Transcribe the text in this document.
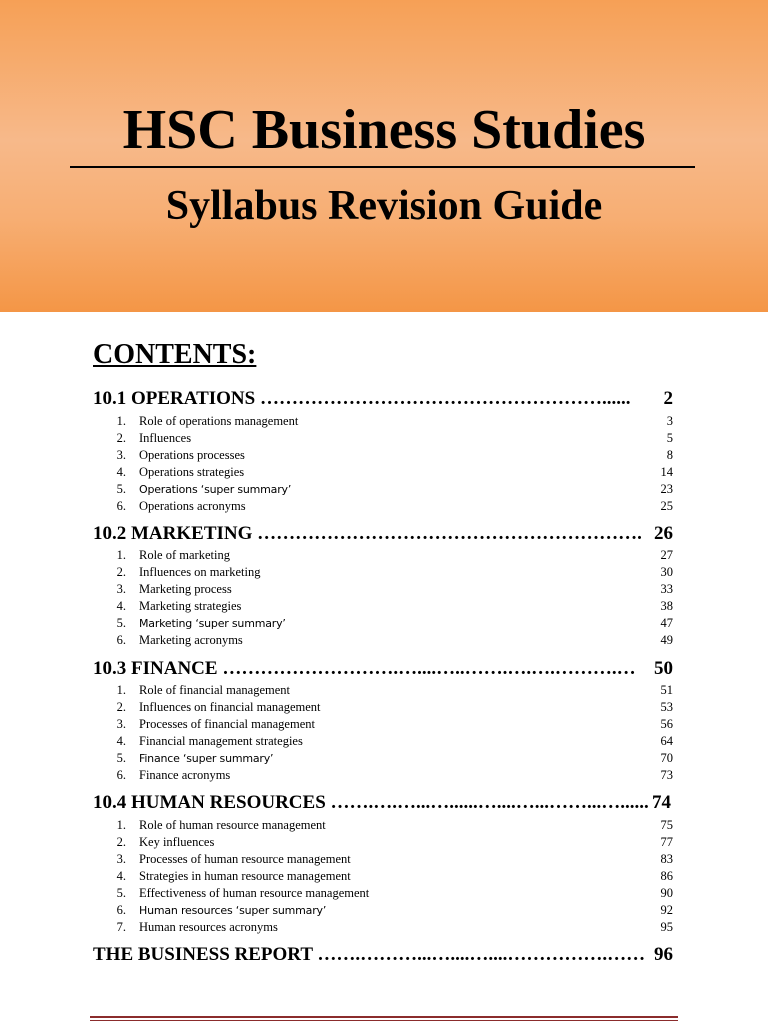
HSC Business Studies
Syllabus Revision Guide
CONTENTS:
10.1 OPERATIONS ………………………………………………...... 2
1. Role of operations management	3
2. Influences	5
3. Operations processes	8
4. Operations strategies	14
5. Operations ‘super summary’	23
6. Operations acronyms	25
10.2 MARKETING ……………………………………………………. 26
1. Role of marketing	27
2. Influences on marketing	30
3. Marketing process	33
4. Marketing strategies	38
5. Marketing ‘super summary’	47
6. Marketing acronyms	49
10.3 FINANCE ……………………….…....…..…….….….……….… 50
1. Role of financial management	51
2. Influences on financial management	53
3. Processes of financial management	56
4. Financial management strategies	64
5. Finance ‘super summary’	70
6. Finance acronyms	73
10.4 HUMAN RESOURCES …….….…...…......…....…...……...…...... 74
1. Role of human resource management	75
2. Key influences	77
3. Processes of human resource management	83
4. Strategies in human resource management	86
5. Effectiveness of human resource management	90
6. Human resources ‘super summary’	92
7. Human resources acronyms	95
THE BUSINESS REPORT …….………...…....…....…………….…… 96
